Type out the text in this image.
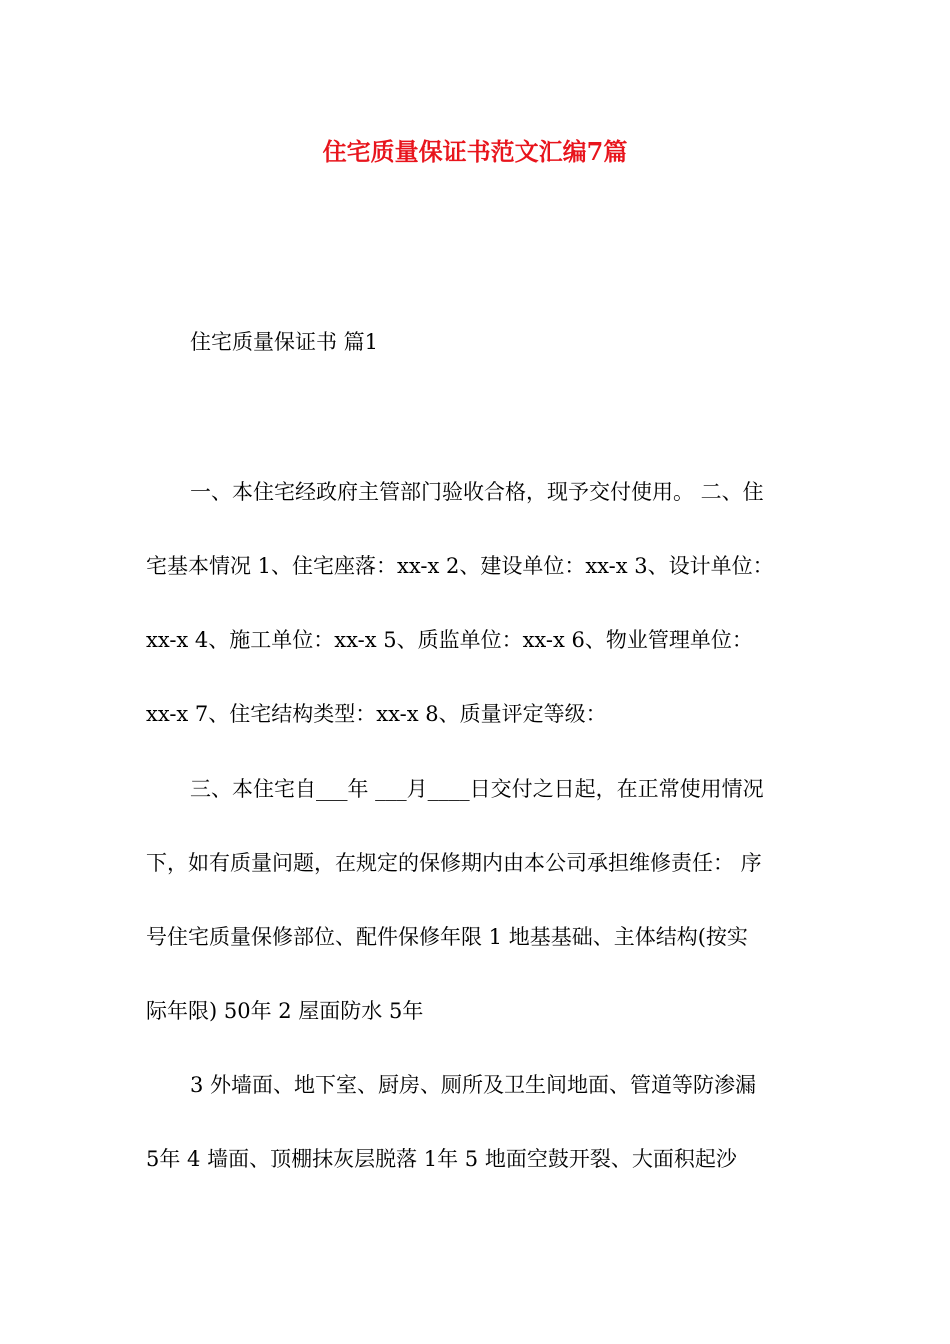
住宅质量保证书范文汇编7篇
住宅质量保证书 篇1
一、本住宅经政府主管部门验收合格，现予交付使用。 二、住
宅基本情况 1、住宅座落：xx-x 2、建设单位：xx-x 3、设计单位：
xx-x 4、施工单位：xx-x 5、质监单位：xx-x 6、物业管理单位：
xx-x 7、住宅结构类型：xx-x 8、质量评定等级：
三、本住宅自___年 ___月____日交付之日起，在正常使用情况
下，如有质量问题，在规定的保修期内由本公司承担维修责任： 序
号住宅质量保修部位、配件保修年限 1 地基基础、主体结构(按实
际年限) 50年 2 屋面防水 5年
3 外墙面、地下室、厨房、厕所及卫生间地面、管道等防渗漏
5年 4 墙面、顶棚抹灰层脱落 1年 5 地面空鼓开裂、大面积起沙
